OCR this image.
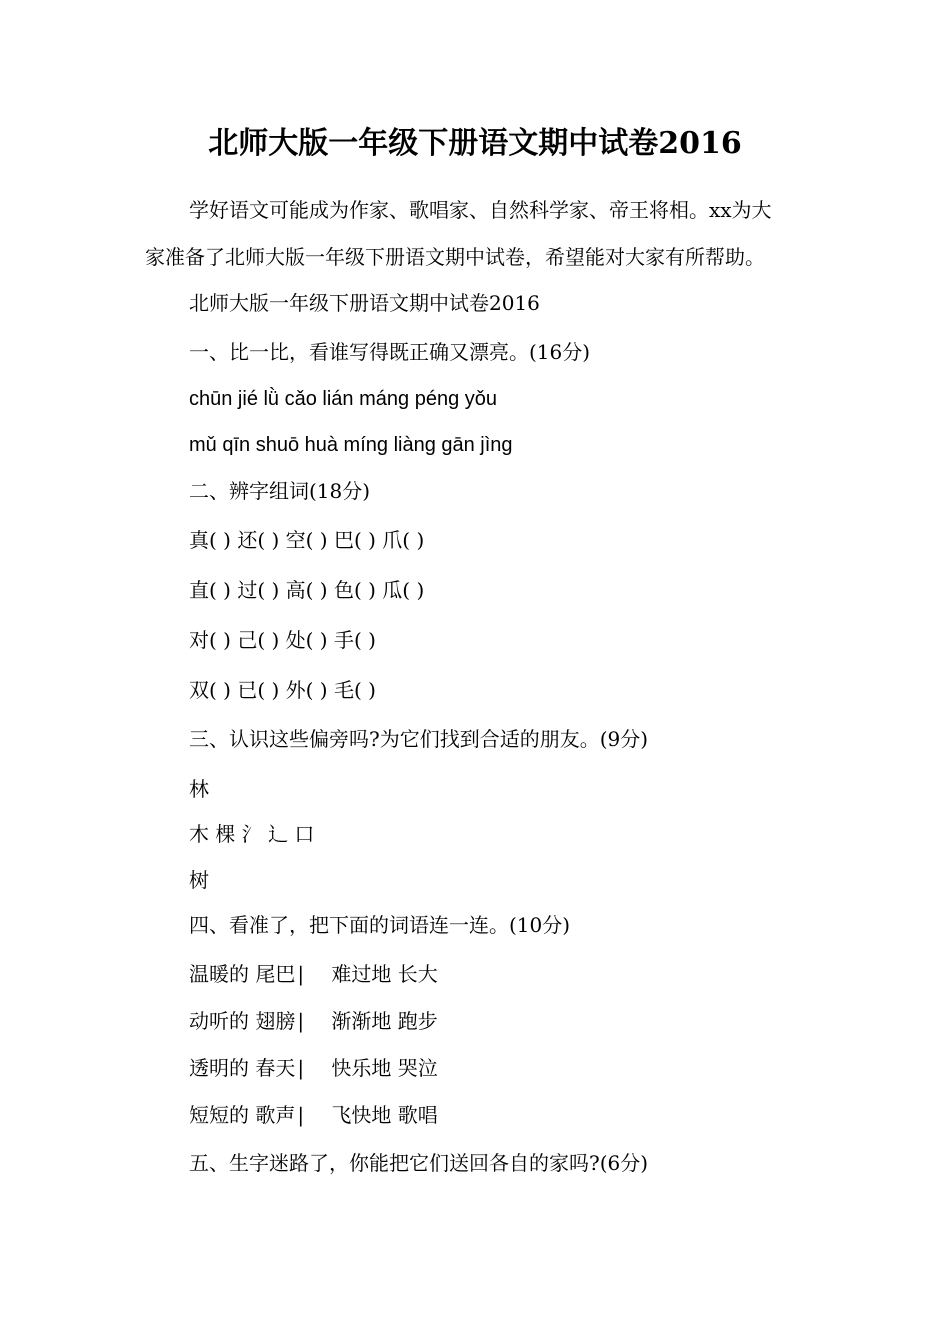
北师大版一年级下册语文期中试卷2016
学好语文可能成为作家、歌唱家、自然科学家、帝王将相。xx为大
家准备了北师大版一年级下册语文期中试卷，希望能对大家有所帮助。
北师大版一年级下册语文期中试卷2016
一、比一比，看谁写得既正确又漂亮。(16分)
chūn jié lǜ cǎo lián máng péng yǒu
mǔ qīn shuō huà míng liàng gān jìng
二、辨字组词(18分)
真( ) 还( ) 空( ) 巴( ) 爪( )
直( ) 过( ) 高( ) 色( ) 瓜( )
对( ) 己( ) 处( ) 手( )
双( ) 已( ) 外( ) 毛( )
三、认识这些偏旁吗?为它们找到合适的朋友。(9分)
林
木 棵 氵 辶 口
树
四、看准了，把下面的词语连一连。(10分)
温暖的 尾巴 | 难过地 长大
动听的 翅膀 | 渐渐地 跑步
透明的 春天 | 快乐地 哭泣
短短的 歌声 | 飞快地 歌唱
五、生字迷路了，你能把它们送回各自的家吗?(6分)
